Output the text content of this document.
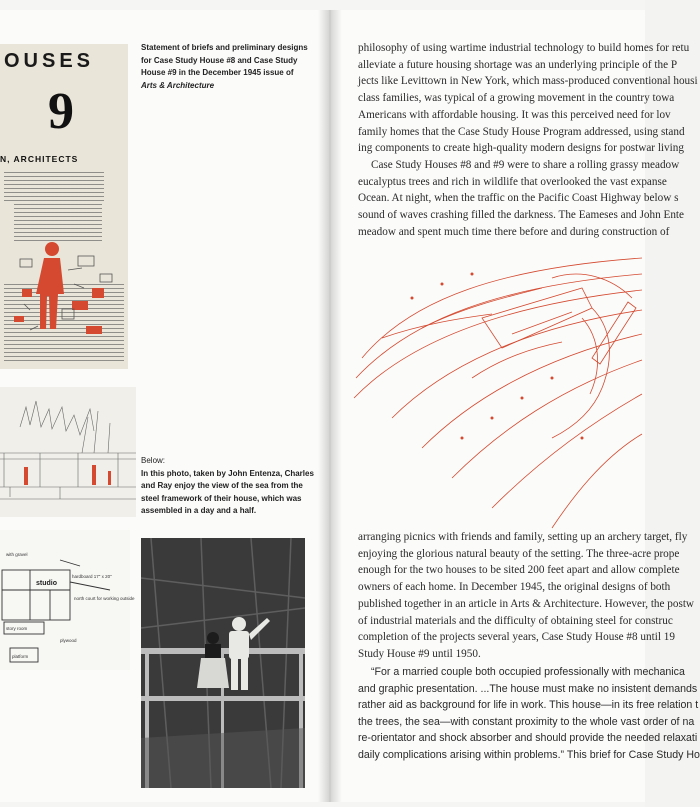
OUSES
9
N, ARCHITECTS
Statement of briefs and preliminary designs
for Case Study House #8 and Case Study
House #9 in the December 1945 issue of
Arts & Architecture
Below:
In this photo, taken by John Entenza, Charles
and Ray enjoy the view of the sea from the
steel framework of their house, which was
assembled in a day and a half.
studio
hardboard 17" x 20"
north court for working outside
with gravel
story room
plywood
platform

philosophy of using wartime industrial technology to build homes for retu

alleviate a future housing shortage was an underlying principle of the P

jects like Levittown in New York, which mass-produced conventional housi

class families, was typical of a growing movement in the country towa

Americans with affordable housing. It was this perceived need for lov

family homes that the Case Study House Program addressed, using stand

ing components to create high-quality modern designs for postwar living

Case Study Houses #8 and #9 were to share a rolling grassy meadow

eucalyptus trees and rich in wildlife that overlooked the vast expanse

Ocean. At night, when the traffic on the Pacific Coast Highway below s

sound of waves crashing filled the darkness. The Eameses and John Ente

meadow and spent much time there before and during construction of

arranging picnics with friends and family, setting up an archery target, fly

enjoying the glorious natural beauty of the setting. The three-acre prope

enough for the two houses to be sited 200 feet apart and allow complete

owners of each home. In December 1945, the original designs of both

published together in an article in Arts & Architecture. However, the postw

of industrial materials and the difficulty of obtaining steel for construc

completion of the projects several years, Case Study House #8 until 19

Study House #9 until 1950.

“For a married couple both occupied professionally with mechanica

and graphic presentation. ...The house must make no insistent demands

rather aid as background for life in work. This house—in its free relation t

the trees, the sea—with constant proximity to the whole vast order of na

re-orientator and shock absorber and should provide the needed relaxati

daily complications arising within problems.” This brief for Case Study Ho
